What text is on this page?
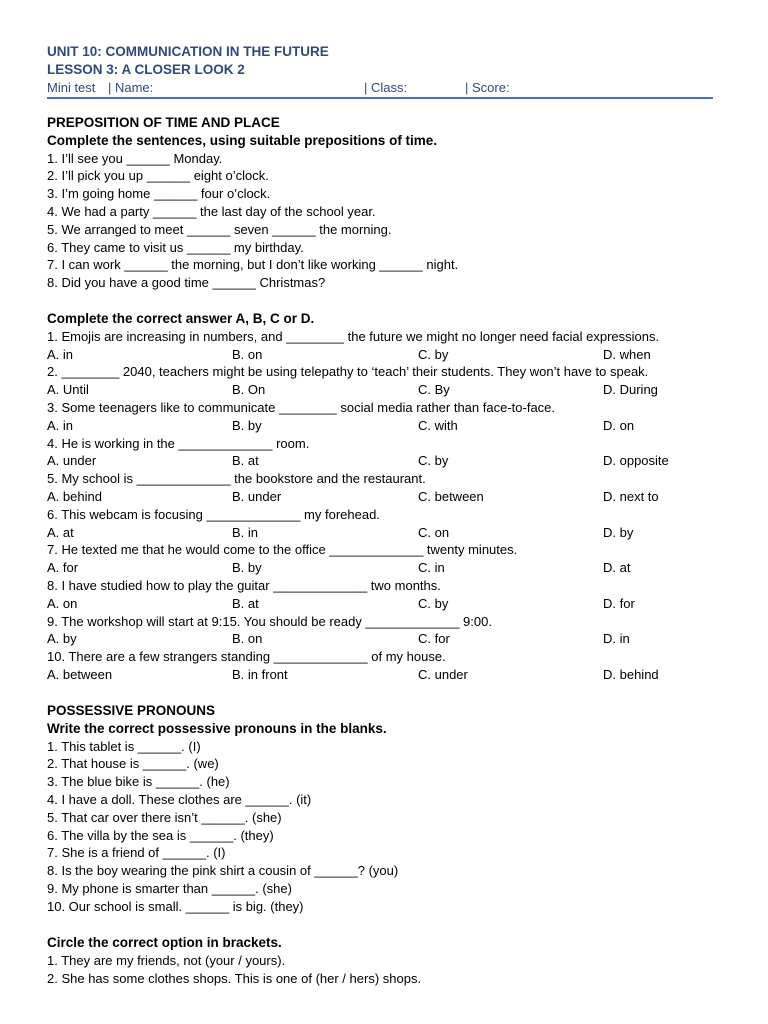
UNIT 10: COMMUNICATION IN THE FUTURE
LESSON 3: A CLOSER LOOK 2
Mini test | Name:	| Class:	| Score:
PREPOSITION OF TIME AND PLACE
Complete the sentences, using suitable prepositions of time.
1. I’ll see you ______ Monday.
2. I’ll pick you up ______ eight o’clock.
3. I’m going home ______ four o’clock.
4. We had a party ______ the last day of the school year.
5. We arranged to meet ______ seven ______ the morning.
6. They came to visit us ______ my birthday.
7. I can work ______ the morning, but I don’t like working ______ night.
8. Did you have a good time ______ Christmas?
Complete the correct answer A, B, C or D.
1. Emojis are increasing in numbers, and ________ the future we might no longer need facial expressions.
A. in	B. on	C. by	D. when
2. ________ 2040, teachers might be using telepathy to ‘teach’ their students. They won’t have to speak.
A. Until	B. On	C. By	D. During
3. Some teenagers like to communicate ________ social media rather than face-to-face.
A. in	B. by	C. with	D. on
4. He is working in the _____________ room.
A. under	B. at	C. by	D. opposite
5. My school is _____________ the bookstore and the restaurant.
A. behind	B. under	C. between	D. next to
6. This webcam is focusing _____________ my forehead.
A. at	B. in	C. on	D. by
7. He texted me that he would come to the office _____________ twenty minutes.
A. for	B. by	C. in	D. at
8. I have studied how to play the guitar _____________ two months.
A. on	B. at	C. by	D. for
9. The workshop will start at 9:15. You should be ready _____________ 9:00.
A. by	B. on	C. for	D. in
10. There are a few strangers standing _____________ of my house.
A. between	B. in front	C. under	D. behind
POSSESSIVE PRONOUNS
Write the correct possessive pronouns in the blanks.
1. This tablet is ______. (I)
2. That house is ______. (we)
3. The blue bike is ______. (he)
4. I have a doll. These clothes are ______. (it)
5. That car over there isn’t ______. (she)
6. The villa by the sea is ______. (they)
7. She is a friend of ______. (I)
8. Is the boy wearing the pink shirt a cousin of ______? (you)
9. My phone is smarter than ______. (she)
10. Our school is small. ______ is big. (they)
Circle the correct option in brackets.
1. They are my friends, not (your / yours).
2. She has some clothes shops. This is one of (her / hers) shops.
